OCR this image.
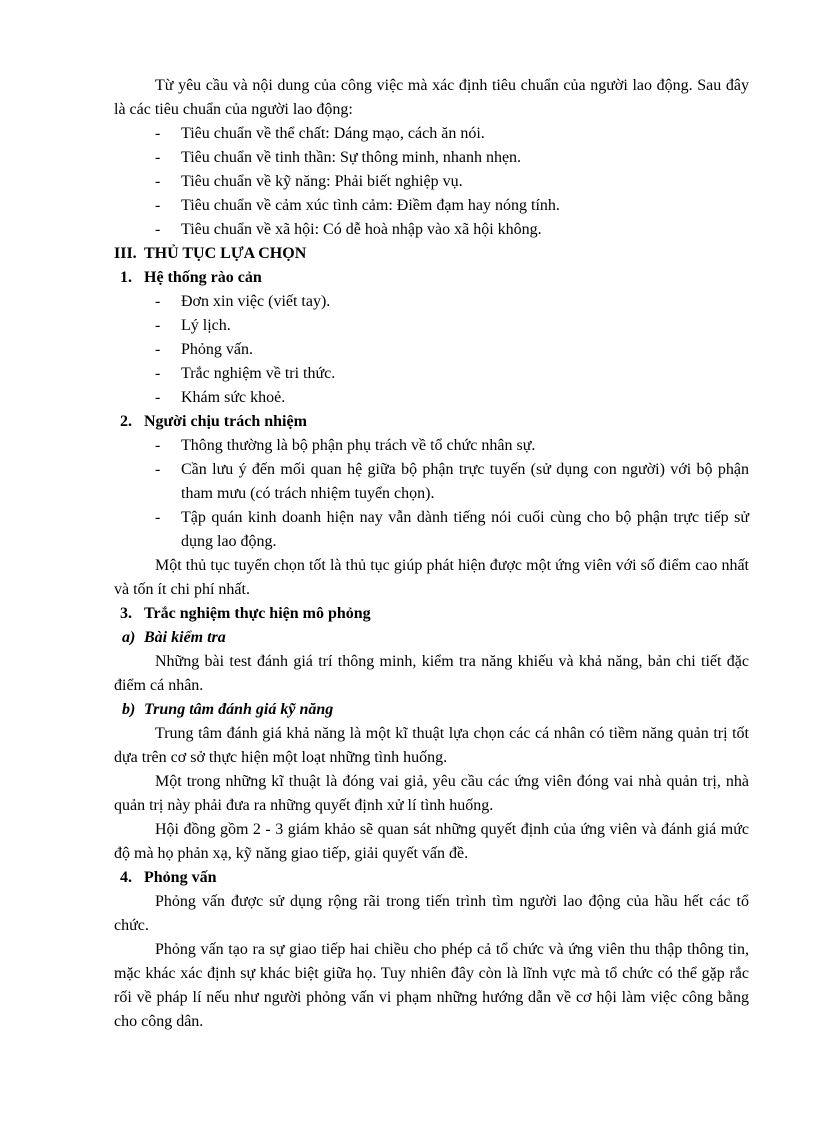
Từ yêu cầu và nội dung của công việc mà xác định tiêu chuẩn của người lao động. Sau đây là các tiêu chuẩn của người lao động:

- Tiêu chuẩn về thể chất: Dáng mạo, cách ăn nói.
- Tiêu chuẩn về tinh thần: Sự thông minh, nhanh nhẹn.
- Tiêu chuẩn về kỹ năng: Phải biết nghiệp vụ.
- Tiêu chuẩn về cảm xúc tình cảm: Điềm đạm hay nóng tính.
- Tiêu chuẩn về xã hội: Có dễ hoà nhập vào xã hội không.
III. THỦ TỤC LỰA CHỌN
1. Hệ thống rào cản
- Đơn xin việc (viết tay).
- Lý lịch.
- Phỏng vấn.
- Trắc nghiệm về tri thức.
- Khám sức khoẻ.
2. Người chịu trách nhiệm
- Thông thường là bộ phận phụ trách về tổ chức nhân sự.
- Cần lưu ý đến mối quan hệ giữa bộ phận trực tuyến (sử dụng con người) với bộ phận tham mưu (có trách nhiệm tuyển chọn).
- Tập quán kinh doanh hiện nay vẫn dành tiếng nói cuối cùng cho bộ phận trực tiếp sử dụng lao động.

Một thủ tục tuyển chọn tốt là thủ tục giúp phát hiện được một ứng viên với số điểm cao nhất và tốn ít chi phí nhất.

3. Trắc nghiệm thực hiện mô phỏng
a) Bài kiểm tra

Những bài test đánh giá trí thông minh, kiểm tra năng khiếu và khả năng, bản chi tiết đặc điểm cá nhân.

b) Trung tâm đánh giá kỹ năng

Trung tâm đánh giá khả năng là một kĩ thuật lựa chọn các cá nhân có tiềm năng quản trị tốt dựa trên cơ sở thực hiện một loạt những tình huống.

Một trong những kĩ thuật là đóng vai giả, yêu cầu các ứng viên đóng vai nhà quản trị, nhà quản trị này phải đưa ra những quyết định xử lí tình huống.

Hội đồng gồm 2 - 3 giám khảo sẽ quan sát những quyết định của ứng viên và đánh giá mức độ mà họ phản xạ, kỹ năng giao tiếp, giải quyết vấn đề.

4. Phỏng vấn

Phỏng vấn được sử dụng rộng rãi trong tiến trình tìm người lao động của hầu hết các tổ chức.

Phỏng vấn tạo ra sự giao tiếp hai chiều cho phép cả tổ chức và ứng viên thu thập thông tin, mặc khác xác định sự khác biệt giữa họ. Tuy nhiên đây còn là lĩnh vực mà tổ chức có thể gặp rắc rối về pháp lí nếu như người phỏng vấn vi phạm những hướng dẫn về cơ hội làm việc công bằng cho công dân.
